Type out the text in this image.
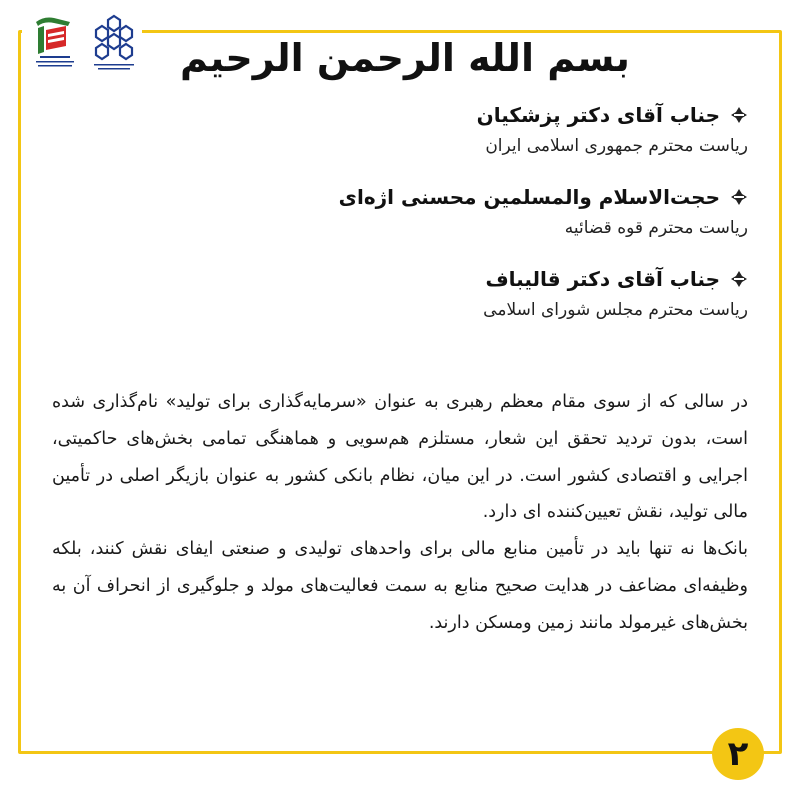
بسم الله الرحمن الرحیم
جناب آقای دکتر پزشکیان
ریاست محترم جمهوری اسلامی ایران
حجت‌الاسلام والمسلمین محسنی اژه‌ای
ریاست محترم قوه قضائیه
جناب آقای دکتر قالیباف
ریاست محترم مجلس شورای اسلامی

در سالی که از سوی مقام معظم رهبری به عنوان «سرمایه‌گذاری برای تولید» نام‌گذاری شده است، بدون تردید تحقق این شعار، مستلزم هم‌سویی و هماهنگی تمامی بخش‌های حاکمیتی، اجرایی و اقتصادی کشور است. در این میان، نظام بانکی کشور به عنوان بازیگر اصلی در تأمین مالی تولید، نقش تعیین‌کننده ای دارد.

بانک‌ها نه تنها باید در تأمین منابع مالی برای واحدهای تولیدی و صنعتی ایفای نقش کنند، بلکه وظیفه‌ای مضاعف در هدایت صحیح منابع به سمت فعالیت‌های مولد و جلوگیری از انحراف آن به بخش‌های غیرمولد مانند زمین ومسکن دارند.

۲
